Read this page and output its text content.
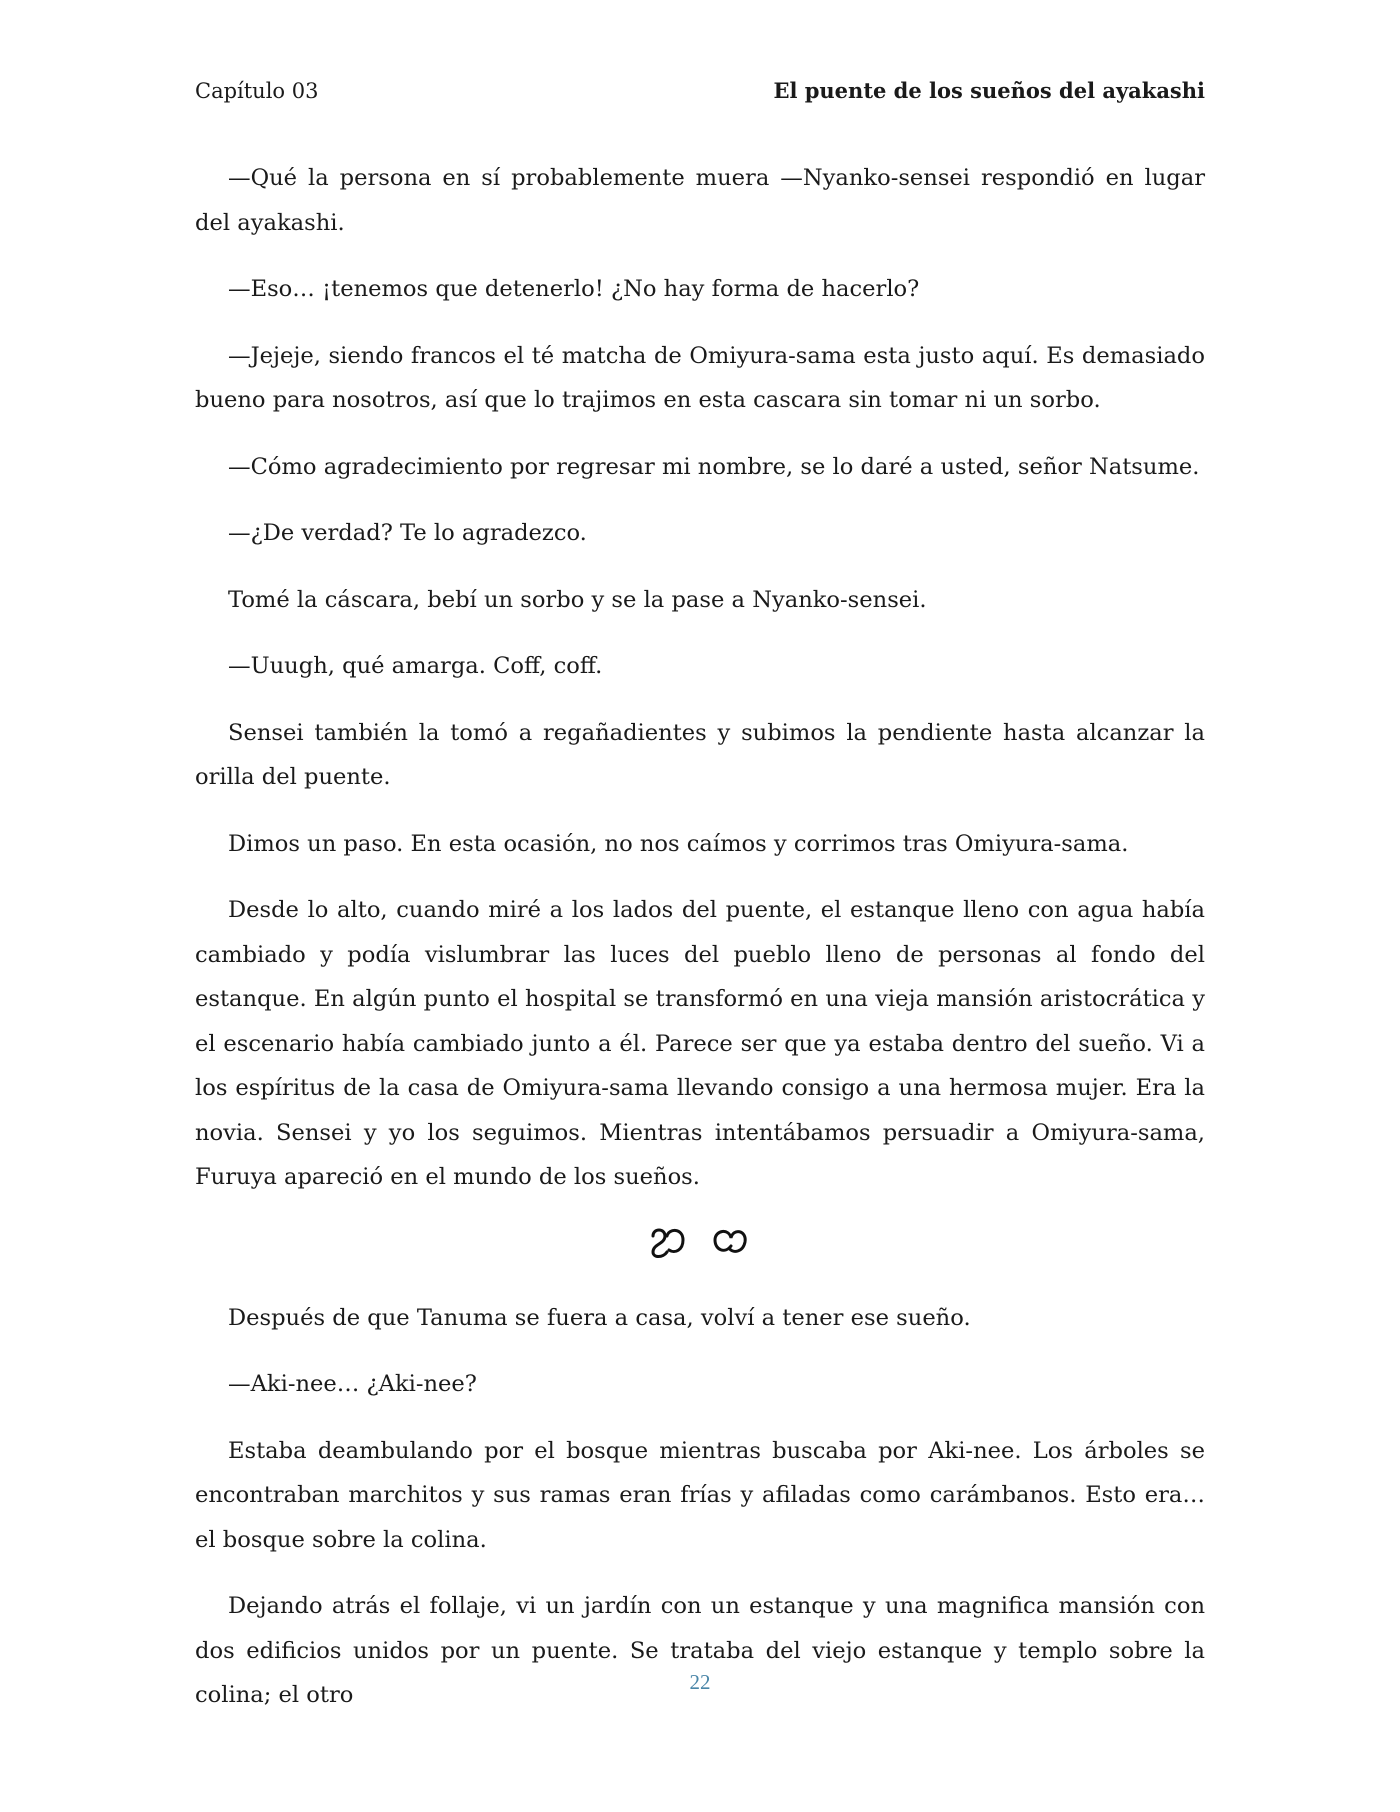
Capítulo 03	El puente de los sueños del ayakashi

—Qué la persona en sí probablemente muera —Nyanko-sensei respondió en lugar del ayakashi.

—Eso… ¡tenemos que detenerlo! ¿No hay forma de hacerlo?

—Jejeje, siendo francos el té matcha de Omiyura-sama esta justo aquí. Es demasiado bueno para nosotros, así que lo trajimos en esta cascara sin tomar ni un sorbo.

—Cómo agradecimiento por regresar mi nombre, se lo daré a usted, señor Natsume.

—¿De verdad? Te lo agradezco.

Tomé la cáscara, bebí un sorbo y se la pase a Nyanko-sensei.

—Uuugh, qué amarga. Coff, coff.

Sensei también la tomó a regañadientes y subimos la pendiente hasta alcanzar la orilla del puente.

Dimos un paso. En esta ocasión, no nos caímos y corrimos tras Omiyura-sama.

Desde lo alto, cuando miré a los lados del puente, el estanque lleno con agua había cambiado y podía vislumbrar las luces del pueblo lleno de personas al fondo del estanque. En algún punto el hospital se transformó en una vieja mansión aristocrática y el escenario había cambiado junto a él. Parece ser que ya estaba dentro del sueño. Vi a los espíritus de la casa de Omiyura-sama llevando consigo a una hermosa mujer. Era la novia. Sensei y yo los seguimos. Mientras intentábamos persuadir a Omiyura-sama, Furuya apareció en el mundo de los sueños.

Después de que Tanuma se fuera a casa, volví a tener ese sueño.

—Aki-nee… ¿Aki-nee?

Estaba deambulando por el bosque mientras buscaba por Aki-nee. Los árboles se encontraban marchitos y sus ramas eran frías y afiladas como carámbanos. Esto era… el bosque sobre la colina.

Dejando atrás el follaje, vi un jardín con un estanque y una magnifica mansión con dos edificios unidos por un puente. Se trataba del viejo estanque y templo sobre la colina; el otro	22
